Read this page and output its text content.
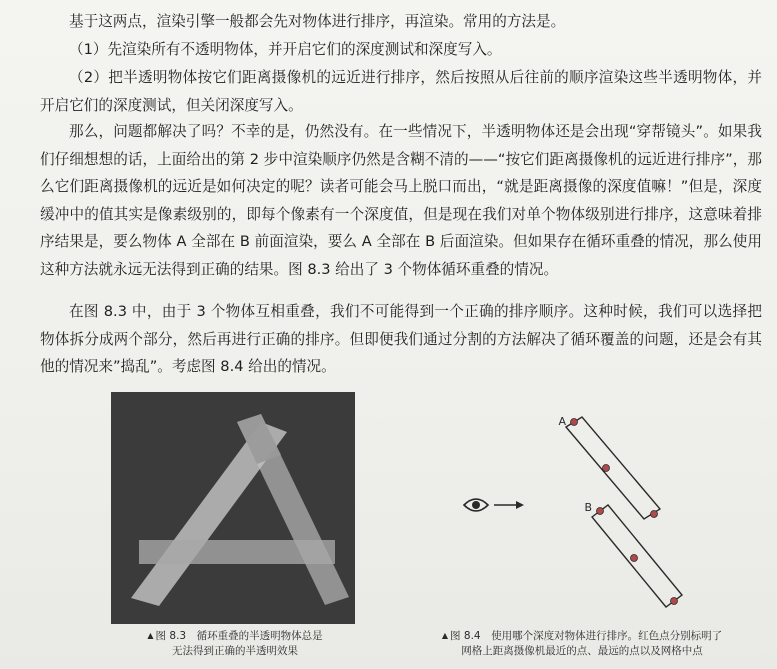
基于这两点，渲染引擎一般都会先对物体进行排序，再渲染。常用的方法是。

（1）先渲染所有不透明物体，并开启它们的深度测试和深度写入。

（2）把半透明物体按它们距离摄像机的远近进行排序，然后按照从后往前的顺序渲染这些半透明物体，并开启它们的深度测试，但关闭深度写入。

那么，问题都解决了吗？不幸的是，仍然没有。在一些情况下，半透明物体还是会出现“穿帮镜头”。如果我们仔细想想的话，上面给出的第 2 步中渲染顺序仍然是含糊不清的——“按它们距离摄像机的远近进行排序”，那么它们距离摄像机的远近是如何决定的呢？读者可能会马上脱口而出，“就是距离摄像的深度值嘛！”但是，深度缓冲中的值其实是像素级别的，即每个像素有一个深度值，但是现在我们对单个物体级别进行排序，这意味着排序结果是，要么物体 A 全部在 B 前面渲染，要么 A 全部在 B 后面渲染。但如果存在循环重叠的情况，那么使用这种方法就永远无法得到正确的结果。图 8.3 给出了 3 个物体循环重叠的情况。

在图 8.3 中，由于 3 个物体互相重叠，我们不可能得到一个正确的排序顺序。这种时候，我们可以选择把物体拆分成两个部分，然后再进行正确的排序。但即便我们通过分割的方法解决了循环覆盖的问题，还是会有其他的情况来”捣乱”。考虑图 8.4 给出的情况。

A
B
▲ 图 8.3　循环重叠的半透明物体总是
无法得到正确的半透明效果
▲ 图 8.4　使用哪个深度对物体进行排序。红色点分别标明了
网格上距离摄像机最近的点、最远的点以及网格中点
